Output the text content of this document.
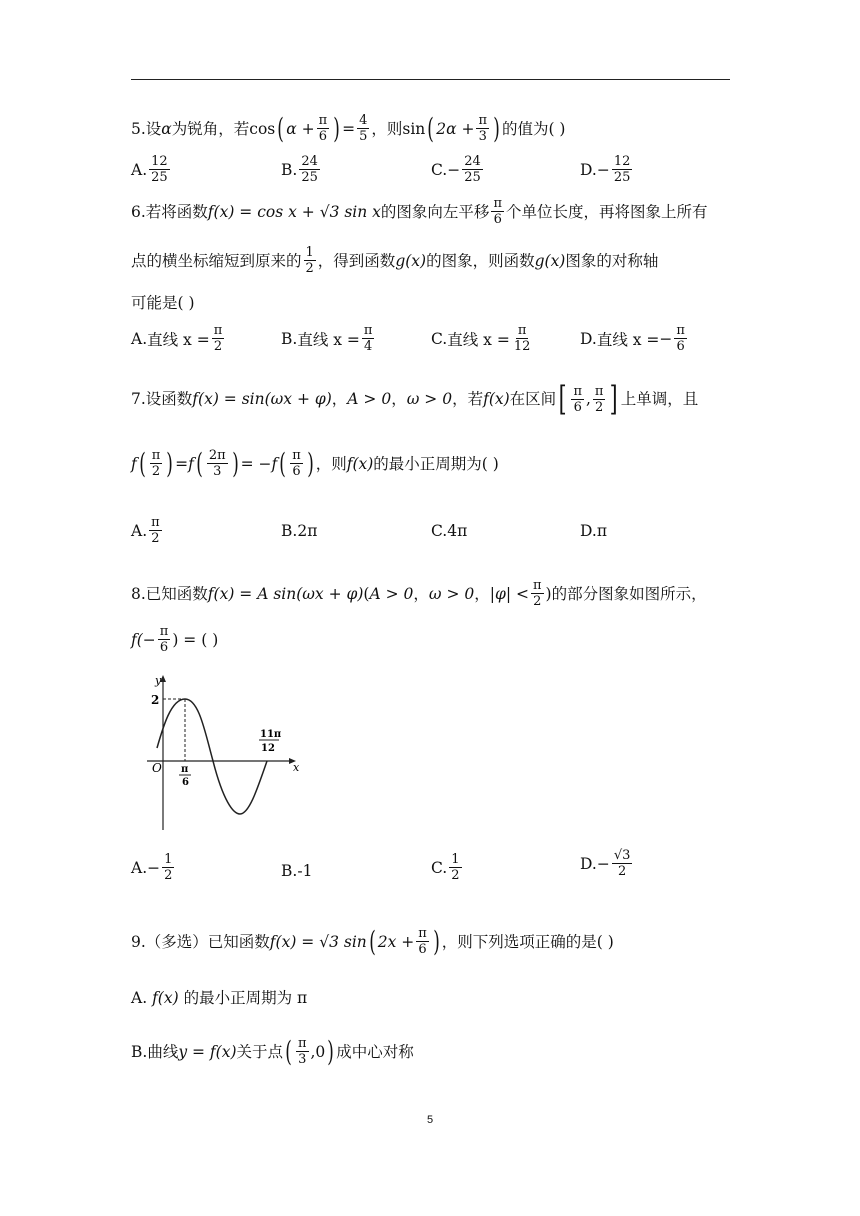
5.设 α 为锐角，若 cos ( $\alpha + \frac{\pi}{6}$ ) = $\frac{4}{5}$ ，则 sin ( $2\alpha + \frac{\pi}{3}$ ) 的值为( )
A. $\frac{12}{25}$	B. $\frac{24}{25}$	C. − $\frac{24}{25}$	D. − $\frac{12}{25}$
6.若将函数 f(x) = cos x + √3 sin x 的图象向左平移 $\frac{\pi}{6}$ 个单位长度，再将图象上所有
点的横坐标缩短到原来的 $\frac{1}{2}$ ，得到函数 g(x) 的图象，则函数 g(x) 图象的对称轴
可能是( )
A. 直线 $x = \frac{\pi}{2}$	B. 直线 $x = \frac{\pi}{4}$	C. 直线 $x = \frac{\pi}{12}$	D. 直线 x = − $\frac{\pi}{6}$
7.设函数 f(x) = sin(ωx + φ) ， A > 0 ， ω > 0 ，若 f(x) 在区间 [ $\frac{\pi}{6}$ , $\frac{\pi}{2}$ ] 上单调，且
f ( $\frac{\pi}{2}$ ) = f ( $\frac{2\pi}{3}$ ) = − f ( $\frac{\pi}{6}$ ) ，则 f(x) 的最小正周期为( )
A. $\frac{\pi}{2}$	B. 2π	C. 4π	D. π
8.已知函数 f(x) = A sin(ωx + φ) ( A > 0 ， ω > 0 ， $|\varphi| < \frac{\pi}{2}$ )的部分图象如图所示，
$f(- \frac{\pi}{6}$ ) = ( )
y
x
O
2
π
6
11π
12
A. − $\frac{1}{2}$	B. -1	C. $\frac{1}{2}$	D. − $\frac{√3}{2}$
9.（多选）已知函数 f(x) = √3 sin ( $2x + \frac{\pi}{6}$ ) ，则下列选项正确的是( )
A. f(x) 的最小正周期为 π
B.曲线 y = f(x) 关于点 ( $\frac{\pi}{3} ,0$ ) 成中心对称
5
